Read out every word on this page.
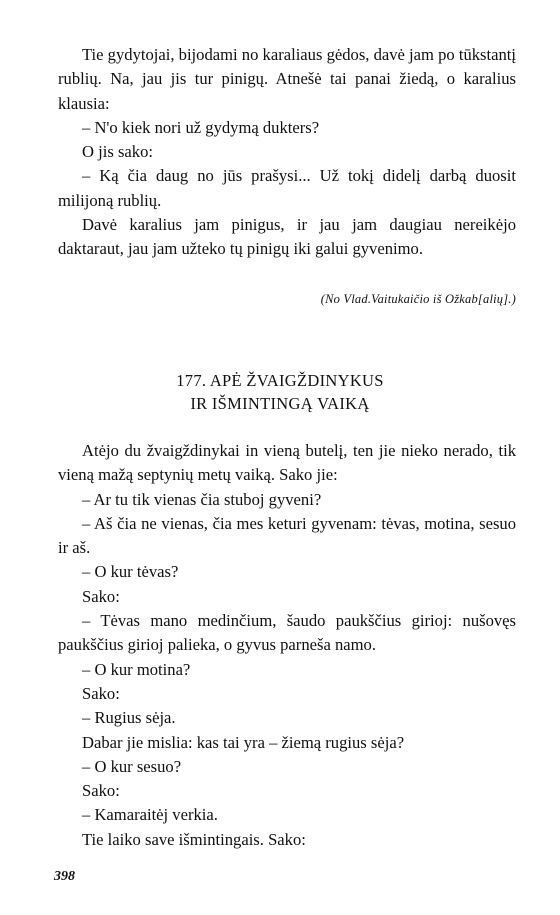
Tie gydytojai, bijodami no karaliaus gėdos, davė jam po tūkstantį rublių. Na, jau jis tur pinigų. Atnešė tai panai žiedą, o karalius klausia:

– N'o kiek nori už gydymą dukters?

O jis sako:

– Ką čia daug no jūs prašysi... Už tokį didelį darbą duosit milijoną rublių.

Davė karalius jam pinigus, ir jau jam daugiau nereikėjo daktaraut, jau jam užteko tų pinigų iki galui gyvenimo.

(No Vlad.Vaitukaičio iš Ožkab[alių].)
177. APĖ ŽVAIGŽDINYKUS
IR IŠMINTINGĄ VAIKĄ

Atėjo du žvaigždinykai in vieną butelį, ten jie nieko nerado, tik vieną mažą septynių metų vaiką. Sako jie:

– Ar tu tik vienas čia stuboj gyveni?

– Aš čia ne vienas, čia mes keturi gyvenam: tėvas, motina, sesuo ir aš.

– O kur tėvas?

Sako:

– Tėvas mano medinčium, šaudo paukščius girioj: nušovęs paukščius girioj palieka, o gyvus parneša namo.

– O kur motina?

Sako:

– Rugius sėja.

Dabar jie mislia: kas tai yra – žiemą rugius sėja?

– O kur sesuo?

Sako:

– Kamaraitėj verkia.

Tie laiko save išmintingais. Sako:

398
